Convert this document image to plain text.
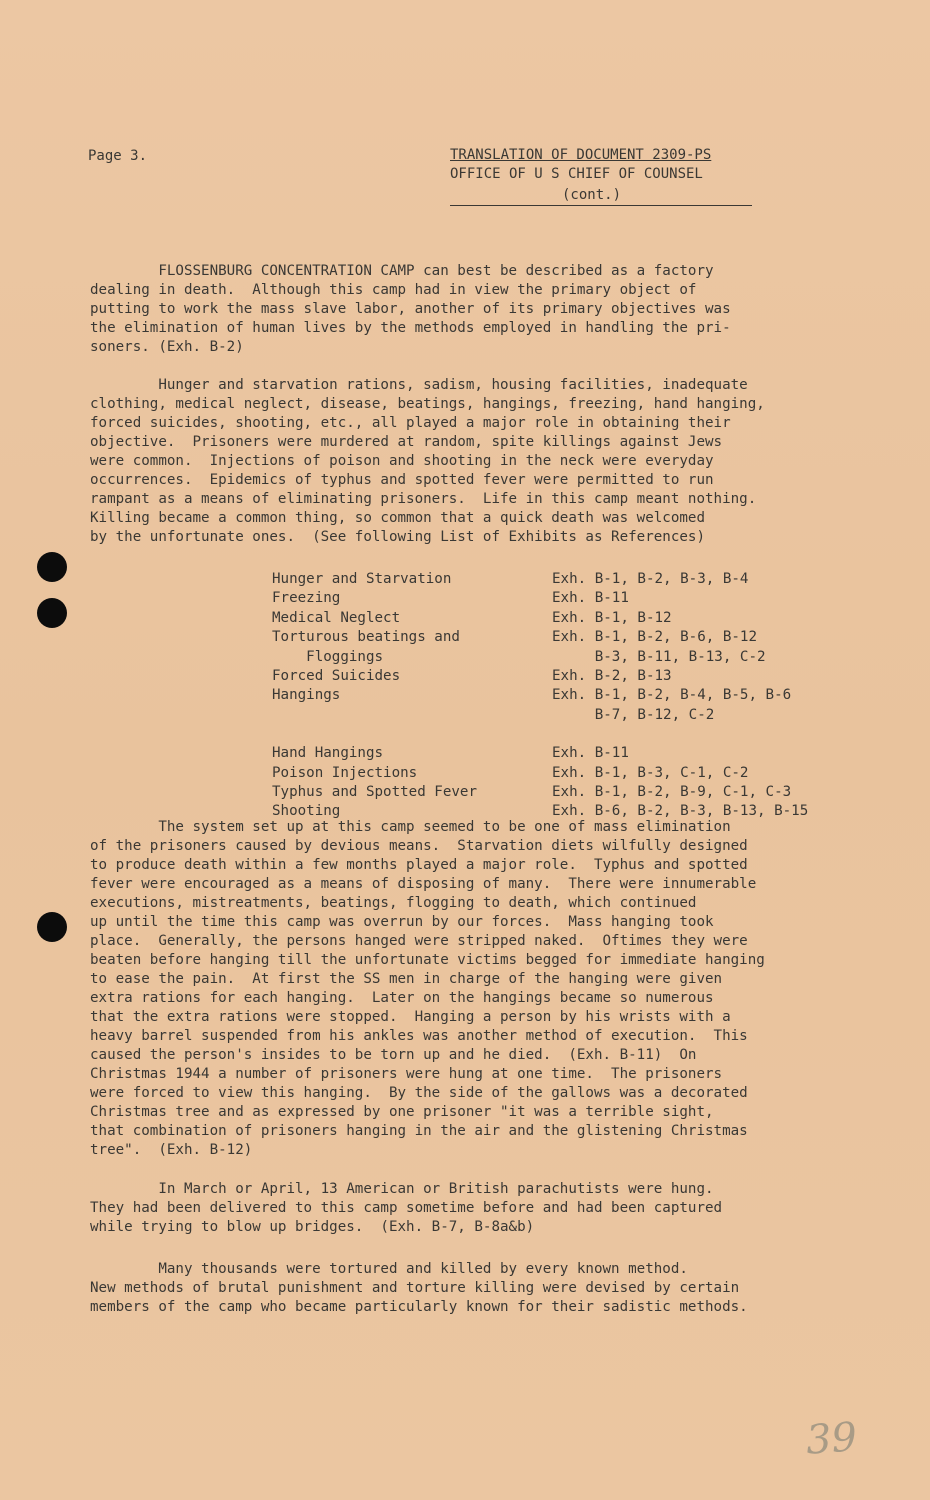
Page 3.	TRANSLATION OF DOCUMENT 2309-PS
OFFICE OF U S CHIEF OF COUNSEL
(cont.)

FLOSSENBURG CONCENTRATION CAMP can best be described as a factory
dealing in death.  Although this camp had in view the primary object of
putting to work the mass slave labor, another of its primary objectives was
the elimination of human lives by the methods employed in handling the pri-
soners. (Exh. B-2)

Hunger and starvation rations, sadism, housing facilities, inadequate
clothing, medical neglect, disease, beatings, hangings, freezing, hand hanging,
forced suicides, shooting, etc., all played a major role in obtaining their
objective.  Prisoners were murdered at random, spite killings against Jews
were common.  Injections of poison and shooting in the neck were everyday
occurrences.  Epidemics of typhus and spotted fever were permitted to run
rampant as a means of eliminating prisoners.  Life in this camp meant nothing.
Killing became a common thing, so common that a quick death was welcomed
by the unfortunate ones.  (See following List of Exhibits as References)

Hunger and Starvation	Exh. B-1, B-2, B-3, B-4
Freezing	Exh. B-11
Medical Neglect	Exh. B-1, B-12
Torturous beatings and	Exh. B-1, B-2, B-6, B-12
Floggings	B-3, B-11, B-13, C-2
Forced Suicides	Exh. B-2, B-13
Hangings	Exh. B-1, B-2, B-4, B-5, B-6
B-7, B-12, C-2
Hand Hangings	Exh. B-11
Poison Injections	Exh. B-1, B-3, C-1, C-2
Typhus and Spotted Fever	Exh. B-1, B-2, B-9, C-1, C-3
Shooting	Exh. B-6, B-2, B-3, B-13, B-15

The system set up at this camp seemed to be one of mass elimination
of the prisoners caused by devious means.  Starvation diets wilfully designed
to produce death within a few months played a major role.  Typhus and spotted
fever were encouraged as a means of disposing of many.  There were innumerable
executions, mistreatments, beatings, flogging to death, which continued
up until the time this camp was overrun by our forces.  Mass hanging took
place.  Generally, the persons hanged were stripped naked.  Oftimes they were
beaten before hanging till the unfortunate victims begged for immediate hanging
to ease the pain.  At first the SS men in charge of the hanging were given
extra rations for each hanging.  Later on the hangings became so numerous
that the extra rations were stopped.  Hanging a person by his wrists with a
heavy barrel suspended from his ankles was another method of execution.  This
caused the person's insides to be torn up and he died.  (Exh. B-11)  On
Christmas 1944 a number of prisoners were hung at one time.  The prisoners
were forced to view this hanging.  By the side of the gallows was a decorated
Christmas tree and as expressed by one prisoner "it was a terrible sight,
that combination of prisoners hanging in the air and the glistening Christmas
tree".  (Exh. B-12)

In March or April, 13 American or British parachutists were hung.
They had been delivered to this camp sometime before and had been captured
while trying to blow up bridges.  (Exh. B-7, B-8a&b)

Many thousands were tortured and killed by every known method.
New methods of brutal punishment and torture killing were devised by certain
members of the camp who became particularly known for their sadistic methods.

39
